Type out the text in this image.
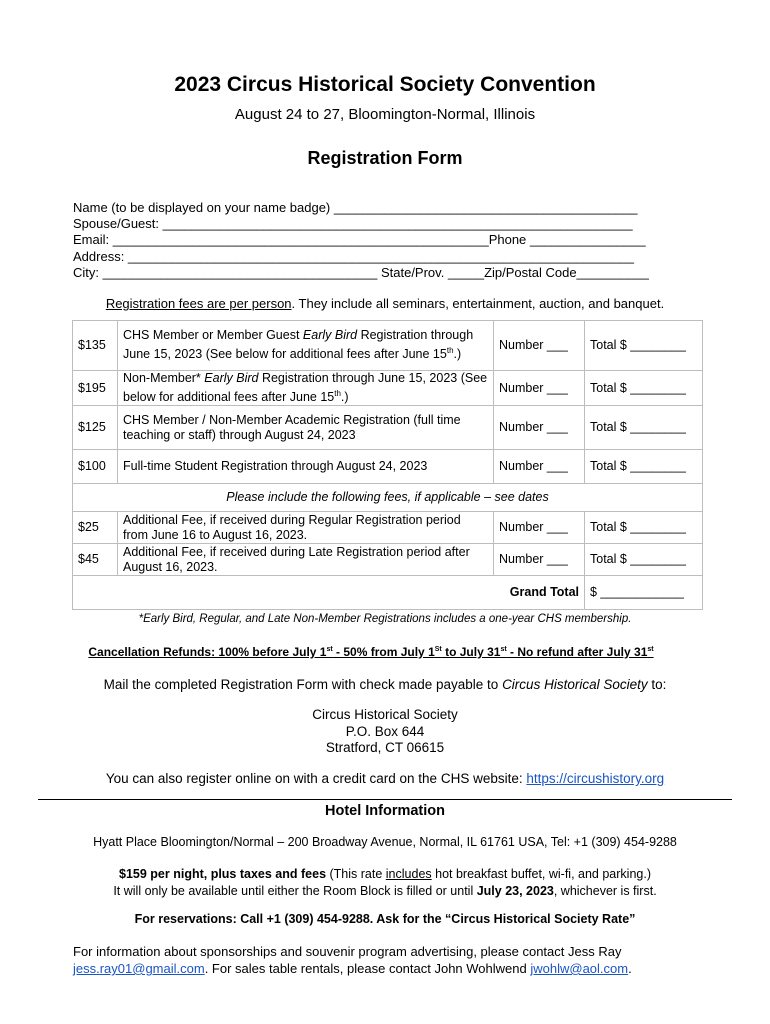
2023 Circus Historical Society Convention
August 24 to 27, Bloomington-Normal, Illinois
Registration Form
Name (to be displayed on your name badge) __________________________________________
Spouse/Guest: _________________________________________________________________
Email: ____________________________________________________Phone ________________
Address: ______________________________________________________________________
City: ______________________________________ State/Prov. _____Zip/Postal Code__________
Registration fees are per person. They include all seminars, entertainment, auction, and banquet.
$135	CHS Member or Member Guest Early Bird Registration through June 15, 2023 (See below for additional fees after June 15th.)	Number ___	Total $ ________
$195	Non-Member* Early Bird Registration through June 15, 2023 (See below for additional fees after June 15th.)	Number ___	Total $ ________
$125	CHS Member / Non-Member Academic Registration (full time teaching or staff) through August 24, 2023	Number ___	Total $ ________
$100	Full-time Student Registration through August 24, 2023	Number ___	Total $ ________
Please include the following fees, if applicable – see dates			
$25	Additional Fee, if received during Regular Registration period from June 16 to August 16, 2023.	Number ___	Total $ ________
$45	Additional Fee, if received during Late Registration period after August 16, 2023.	Number ___	Total $ ________
Grand Total			$ ____________
*Early Bird, Regular, and Late Non-Member Registrations includes a one-year CHS membership.
Cancellation Refunds: 100% before July 1st - 50% from July 1St to July 31st - No refund after July 31st
Mail the completed Registration Form with check made payable to Circus Historical Society to:
Circus Historical Society
P.O. Box 644
Stratford, CT 06615
You can also register online on with a credit card on the CHS website: https://circushistory.org
Hotel Information
Hyatt Place Bloomington/Normal – 200 Broadway Avenue, Normal, IL 61761 USA, Tel: +1 (309) 454-9288
$159 per night, plus taxes and fees (This rate includes hot breakfast buffet, wi-fi, and parking.)
It will only be available until either the Room Block is filled or until July 23, 2023, whichever is first.
For reservations: Call +1 (309) 454-9288. Ask for the “Circus Historical Society Rate”
For information about sponsorships and souvenir program advertising, please contact Jess Ray jess.ray01@gmail.com. For sales table rentals, please contact John Wohlwend jwohlw@aol.com.
